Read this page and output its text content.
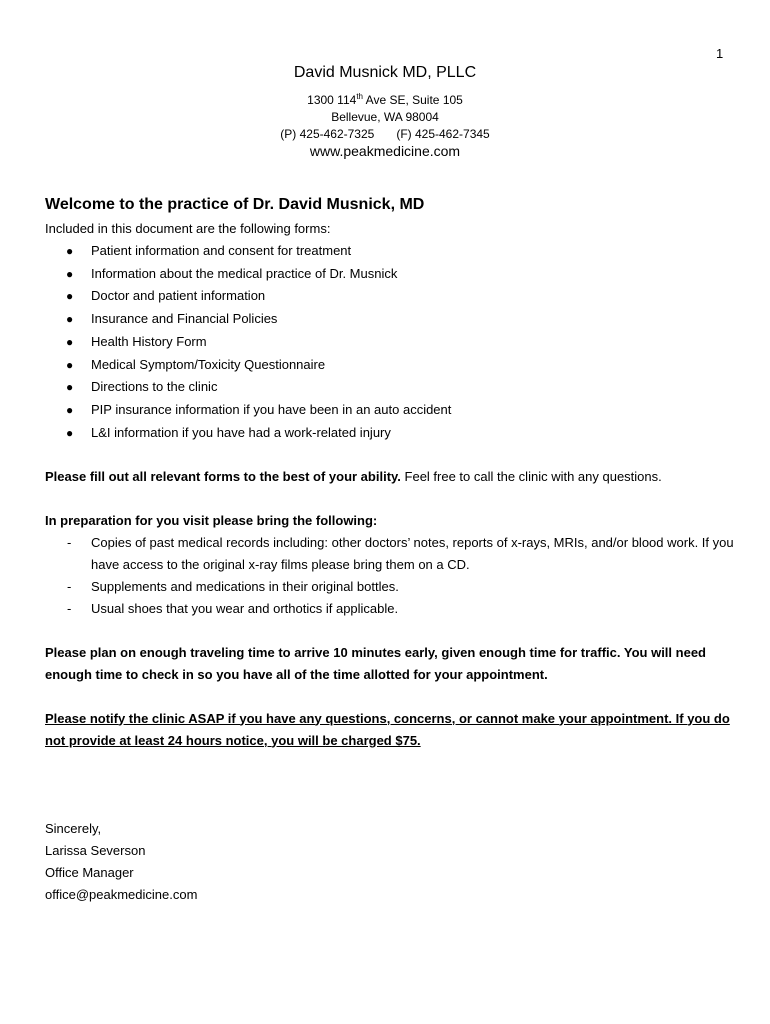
1
David Musnick MD, PLLC
1300 114th Ave SE, Suite 105
Bellevue, WA 98004
(P) 425-462-7325 (F) 425-462-7345
www.peakmedicine.com
Welcome to the practice of Dr. David Musnick, MD
Included in this document are the following forms:
● Patient information and consent for treatment
● Information about the medical practice of Dr. Musnick
● Doctor and patient information
● Insurance and Financial Policies
● Health History Form
● Medical Symptom/Toxicity Questionnaire
● Directions to the clinic
● PIP insurance information if you have been in an auto accident
● L&I information if you have had a work-related injury
Please fill out all relevant forms to the best of your ability. Feel free to call the clinic with any questions.
In preparation for you visit please bring the following:
- Copies of past medical records including: other doctors’ notes, reports of x-rays, MRIs, and/or blood work. If you have access to the original x-ray films please bring them on a CD.
- Supplements and medications in their original bottles.
- Usual shoes that you wear and orthotics if applicable.
Please plan on enough traveling time to arrive 10 minutes early, given enough time for traffic. You will need enough time to check in so you have all of the time allotted for your appointment.
Please notify the clinic ASAP if you have any questions, concerns, or cannot make your appointment. If you do not provide at least 24 hours notice, you will be charged $75.
Sincerely,
Larissa Severson
Office Manager
office@peakmedicine.com
